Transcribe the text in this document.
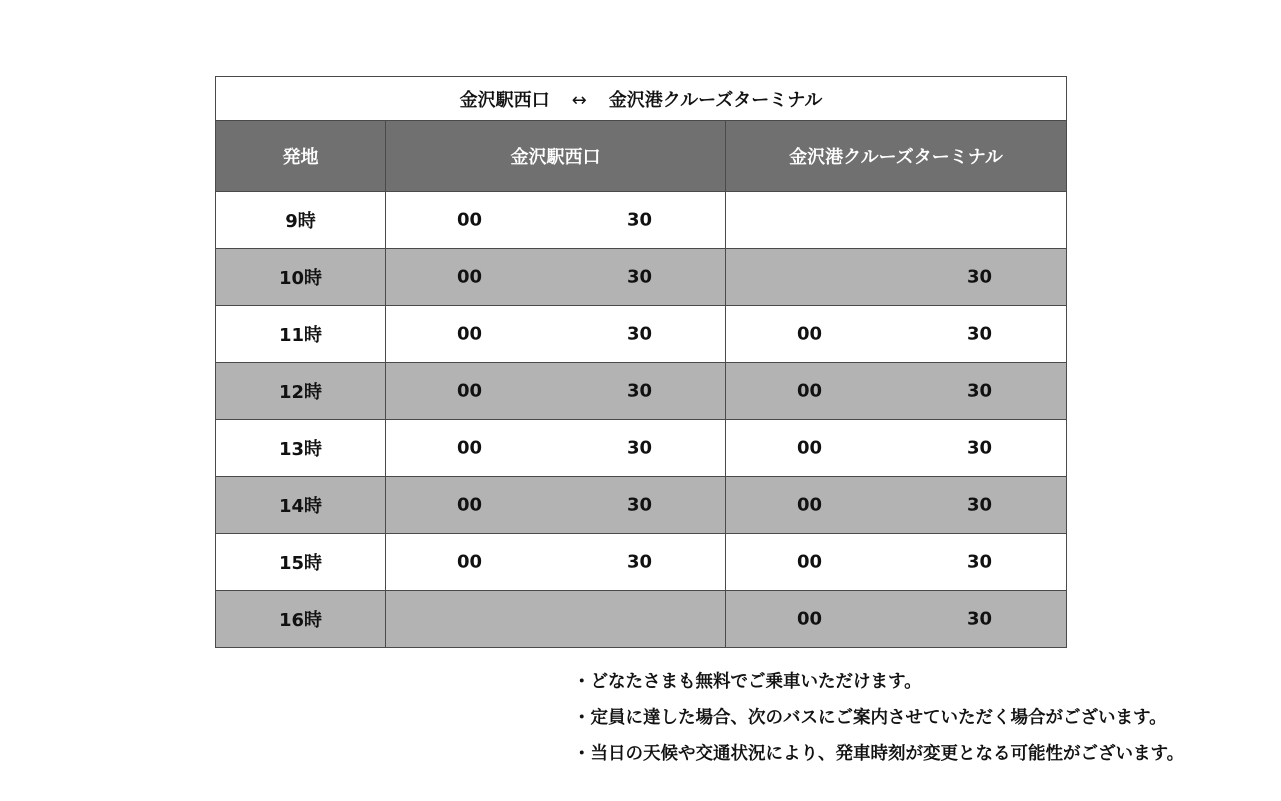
金沢駅西口 ↔ 金沢港クルーズターミナル		
発地	金沢駅西口	金沢港クルーズターミナル
9時	00 30	

10時	00 30	30

11時	00 30	00 30

12時	00 30	00 30

13時	00 30	00 30

14時	00 30	00 30

15時	00 30	00 30

16時		00 30
・どなたさまも無料でご乗車いただけます。
・定員に達した場合、次のバスにご案内させていただく場合がございます。
・当日の天候や交通状況により、発車時刻が変更となる可能性がございます。
